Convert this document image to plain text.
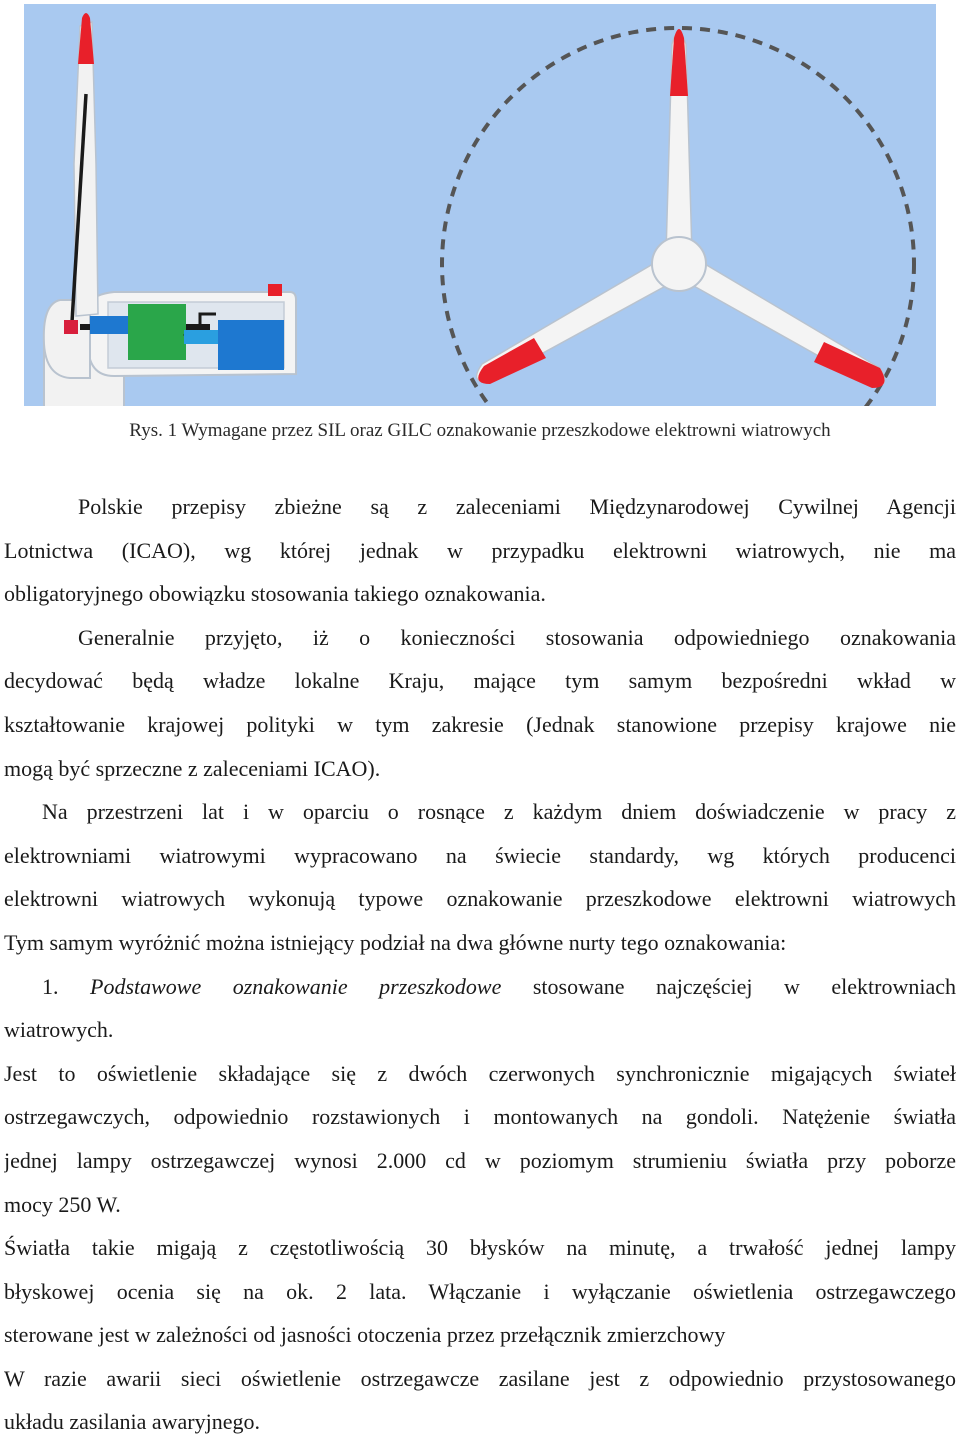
Rys. 1 Wymagane przez SIL oraz GILC oznakowanie przeszkodowe elektrowni wiatrowych
Polskie przepisy zbieżne są z zaleceniami Międzynarodowej Cywilnej Agencji
Lotnictwa (ICAO), wg której jednak w przypadku elektrowni wiatrowych, nie ma
obligatoryjnego obowiązku stosowania takiego oznakowania.
Generalnie przyjęto, iż o konieczności stosowania odpowiedniego oznakowania
decydować będą władze lokalne Kraju, mające tym samym bezpośredni wkład w
kształtowanie krajowej polityki w tym zakresie (Jednak stanowione przepisy krajowe nie
mogą być sprzeczne z zaleceniami ICAO).
Na przestrzeni lat i w oparciu o rosnące z każdym dniem doświadczenie w pracy z
elektrowniami wiatrowymi wypracowano na świecie standardy, wg których producenci
elektrowni wiatrowych wykonują typowe oznakowanie przeszkodowe elektrowni wiatrowych
Tym samym wyróżnić można istniejący podział na dwa główne nurty tego oznakowania:
1. Podstawowe oznakowanie przeszkodowe stosowane najczęściej w elektrowniach
wiatrowych.
Jest to oświetlenie składające się z dwóch czerwonych synchronicznie migających świateł
ostrzegawczych, odpowiednio rozstawionych i montowanych na gondoli. Natężenie światła
jednej lampy ostrzegawczej wynosi 2.000 cd w poziomym strumieniu światła przy poborze
mocy 250 W.
Światła takie migają z częstotliwością 30 błysków na minutę, a trwałość jednej lampy
błyskowej ocenia się na ok. 2 lata. Włączanie i wyłączanie oświetlenia ostrzegawczego
sterowane jest w zależności od jasności otoczenia przez przełącznik zmierzchowy
W razie awarii sieci oświetlenie ostrzegawcze zasilane jest z odpowiednio przystosowanego
układu zasilania awaryjnego.
